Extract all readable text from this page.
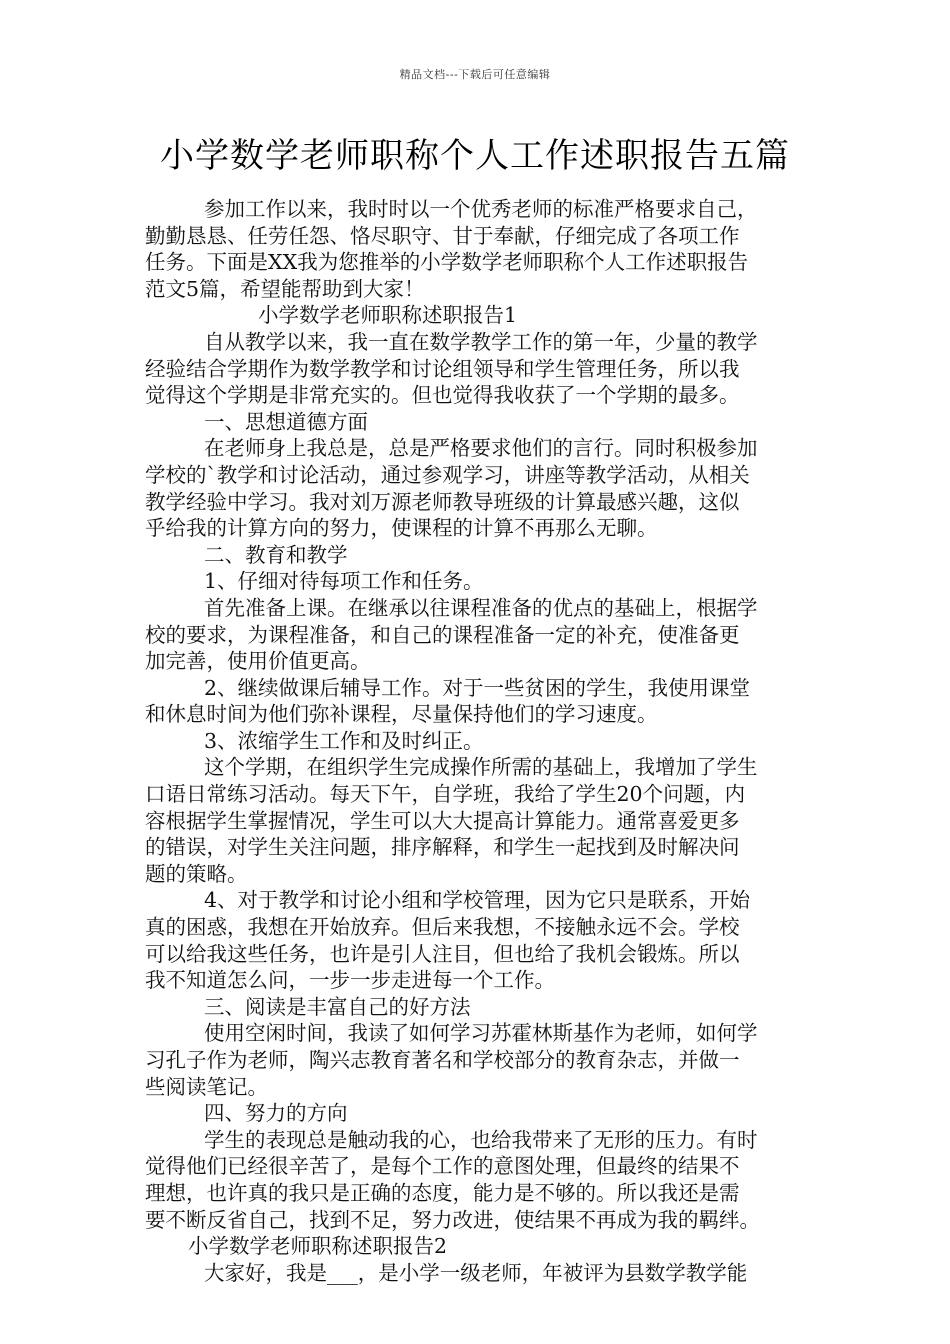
精品文档---下载后可任意编辑
小学数学老师职称个人工作述职报告五篇
参加工作以来，我时时以一个优秀老师的标准严格要求自己，
勤勤恳恳、任劳任怨、恪尽职守、甘于奉献，仔细完成了各项工作
任务。下面是XX我为您推举的小学数学老师职称个人工作述职报告
范文5篇，希望能帮助到大家！
小学数学老师职称述职报告1
自从教学以来，我一直在数学教学工作的第一年，少量的教学
经验结合学期作为数学教学和讨论组领导和学生管理任务，所以我
觉得这个学期是非常充实的。但也觉得我收获了一个学期的最多。
一、思想道德方面
在老师身上我总是，总是严格要求他们的言行。同时积极参加
学校的`教学和讨论活动，通过参观学习，讲座等教学活动，从相关
教学经验中学习。我对刘万源老师教导班级的计算最感兴趣，这似
乎给我的计算方向的努力，使课程的计算不再那么无聊。
二、教育和教学
1、仔细对待每项工作和任务。
首先准备上课。在继承以往课程准备的优点的基础上，根据学
校的要求，为课程准备，和自己的课程准备一定的补充，使准备更
加完善，使用价值更高。
2、继续做课后辅导工作。对于一些贫困的学生，我使用课堂
和休息时间为他们弥补课程，尽量保持他们的学习速度。
3、浓缩学生工作和及时纠正。
这个学期，在组织学生完成操作所需的基础上，我增加了学生
口语日常练习活动。每天下午，自学班，我给了学生20个问题，内
容根据学生掌握情况，学生可以大大提高计算能力。通常喜爱更多
的错误，对学生关注问题，排序解释，和学生一起找到及时解决问
题的策略。
4、对于教学和讨论小组和学校管理，因为它只是联系，开始
真的困惑，我想在开始放弃。但后来我想，不接触永远不会。学校
可以给我这些任务，也许是引人注目，但也给了我机会锻炼。所以
我不知道怎么问，一步一步走进每一个工作。
三、阅读是丰富自己的好方法
使用空闲时间，我读了如何学习苏霍林斯基作为老师，如何学
习孔子作为老师，陶兴志教育著名和学校部分的教育杂志，并做一
些阅读笔记。
四、努力的方向
学生的表现总是触动我的心，也给我带来了无形的压力。有时
觉得他们已经很辛苦了，是每个工作的意图处理，但最终的结果不
理想，也许真的我只是正确的态度，能力是不够的。所以我还是需
要不断反省自己，找到不足，努力改进，使结果不再成为我的羁绊。
小学数学老师职称述职报告2
大家好，我是___，是小学一级老师，年被评为县数学教学能
